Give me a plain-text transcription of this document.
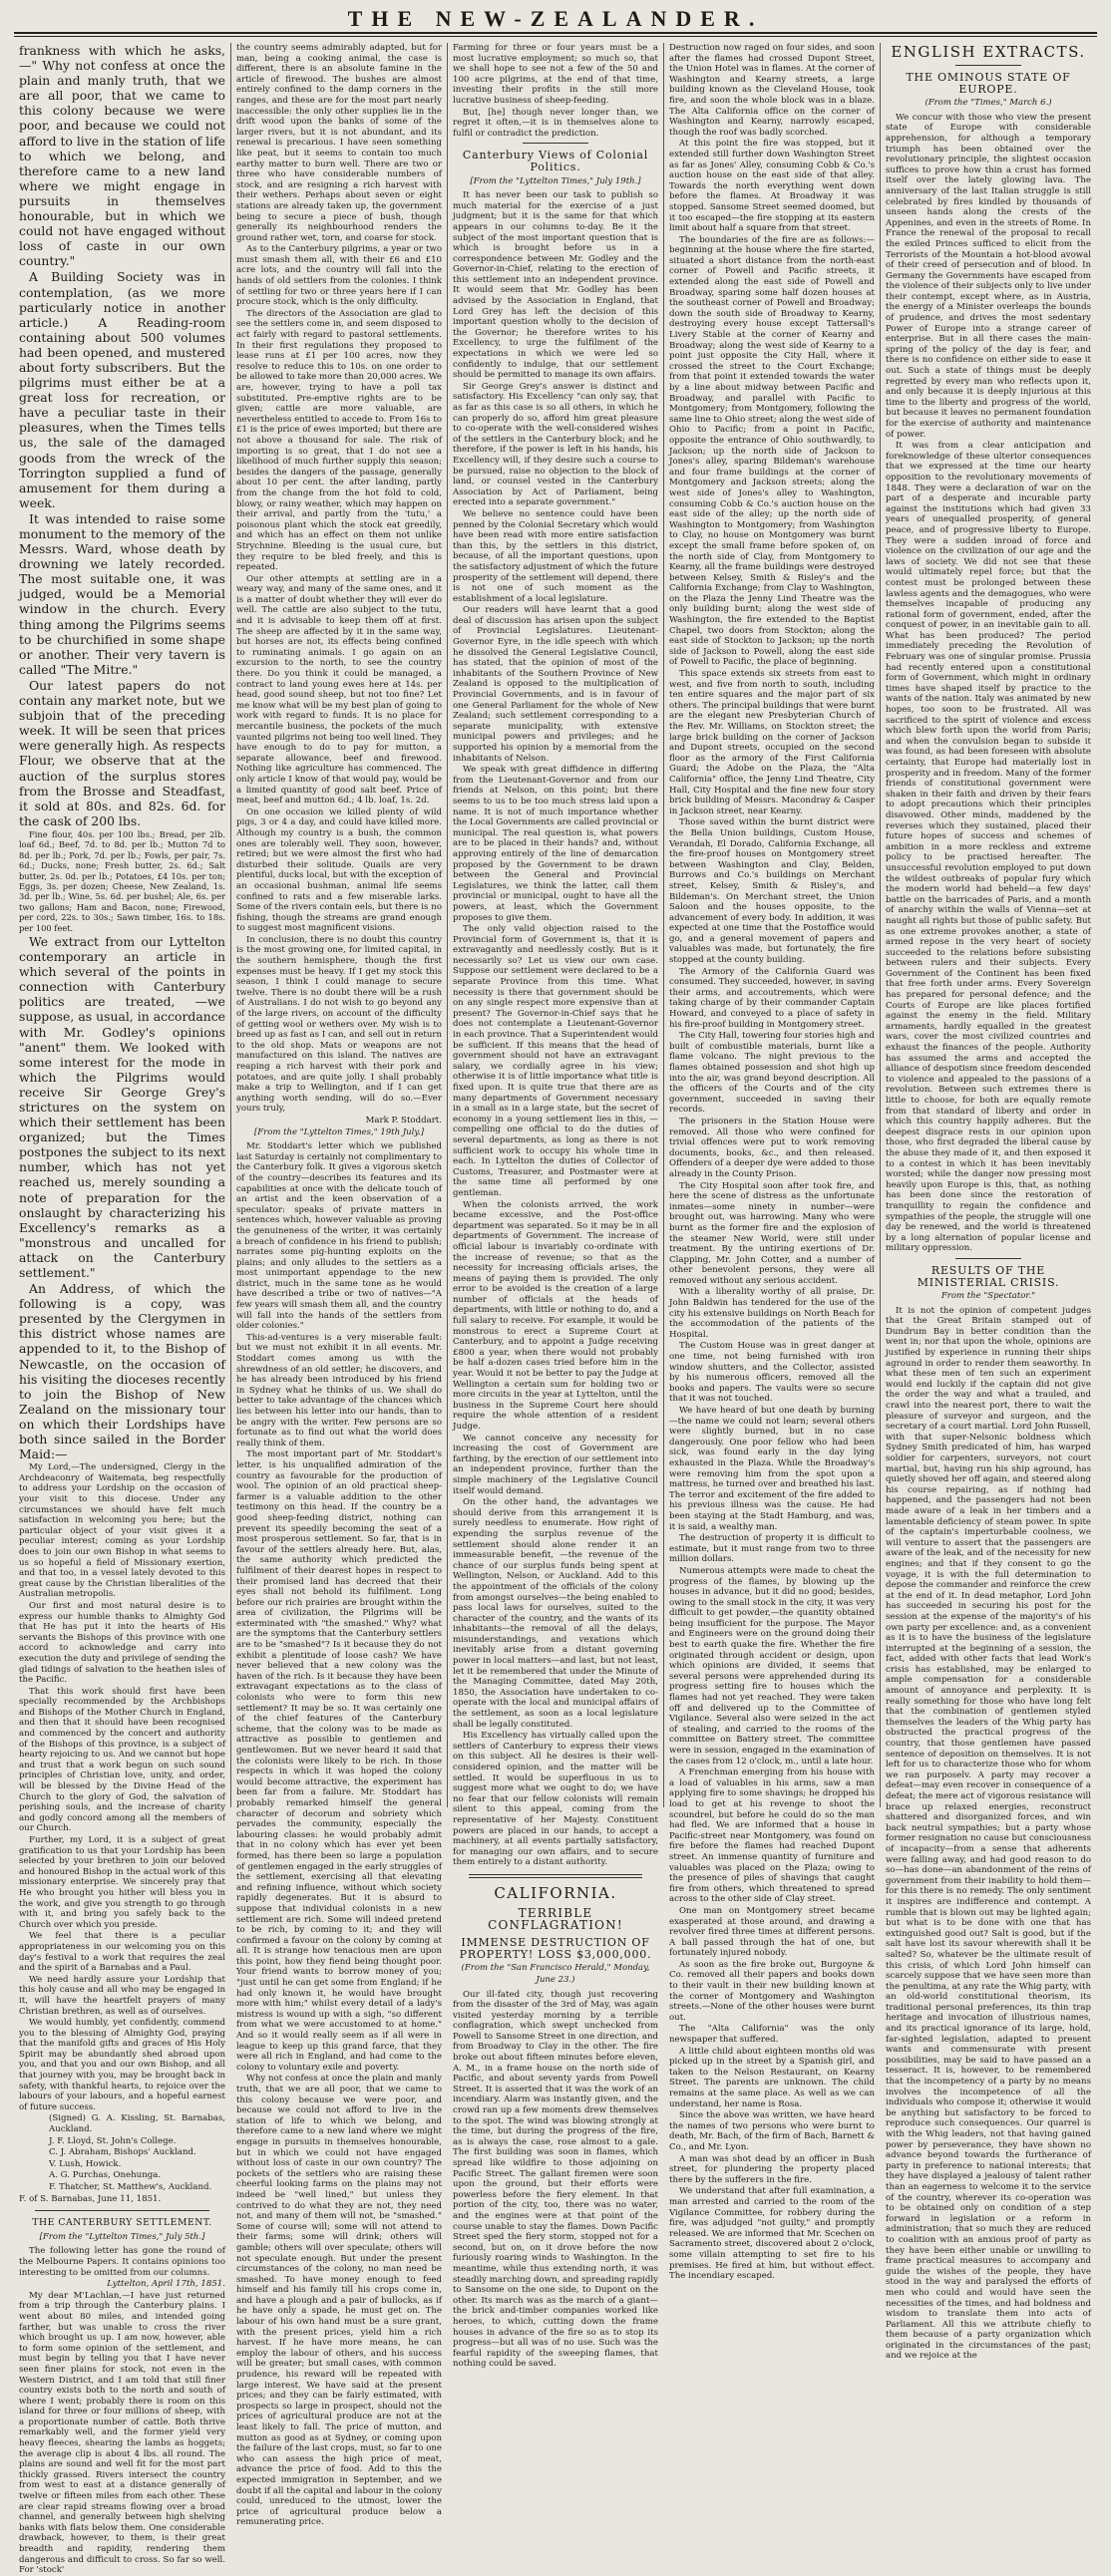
THE NEW-ZEALANDER.

frankness with which he asks,—" Why not confess at once the plain and manly truth, that we are all poor, that we came to this colony because we were poor, and because we could not afford to live in the station of life to which we belong, and therefore came to a new land where we might engage in pursuits in themselves honourable, but in which we could not have engaged without loss of caste in our own country."

A Building Society was in contemplation, (as we more particularly notice in another article.) A Reading-room containing about 500 volumes had been opened, and mustered about forty subscribers. But the pilgrims must either be at a great loss for recreation, or have a peculiar taste in their pleasures, when the Times tells us, the sale of the damaged goods from the wreck of the Torrington supplied a fund of amusement for them during a week.

It was intended to raise some monument to the memory of the Messrs. Ward, whose death by drowning we lately recorded. The most suitable one, it was judged, would be a Memorial window in the church. Every thing among the Pilgrims seems to be churchified in some shape or another. Their very tavern is called "The Mitre."

Our latest papers do not contain any market note, but we subjoin that of the preceding week. It will be seen that prices were generally high. As respects Flour, we observe that at the auction of the surplus stores from the Brosse and Steadfast, it sold at 80s. and 82s. 6d. for the cask of 200 lbs.

Fine flour, 40s. per 100 lbs.; Bread, per 2lb. loaf 6d.; Beef, 7d. to 8d. per lb.; Mutton 7d to 8d. per lb.; Pork, 7d. per lb.; Fowls, per pair, 7s. 6d.; Ducks, none; Fresh butter, 2s. 6d.; Salt butter, 2s. 0d. per lb.; Potatoes, £4 10s. per ton; Eggs, 3s. per dozen; Cheese, New Zealand, 1s. 3d. per lb.; Wine, 5s. 6d. per bushel; Ale, 6s. per two gallons; Ham and Bacon, none; Firewood, per cord, 22s. to 30s.; Sawn timber, 16s. to 18s. per 100 feet.

We extract from our Lyttelton contemporary an article in which several of the points in connection with Canterbury politics are treated, —we suppose, as usual, in accordance with Mr. Godley's opinions "anent" them. We looked with some interest for the mode in which the Pilgrims would receive Sir George Grey's strictures on the system on which their settlement has been organized; but the Times postpones the subject to its next number, which has not yet reached us, merely sounding a note of preparation for the onslaught by characterizing his Excellency's remarks as a "monstrous and uncalled for attack on the Canterbury settlement."

An Address, of which the following is a copy, was presented by the Clergymen in this district whose names are appended to it, to the Bishop of Newcastle, on the occasion of his visiting the dioceses recently to join the Bishop of New Zealand on the missionary tour on which their Lordships have both since sailed in the Border Maid:—

My Lord,—The undersigned, Clergy in the Archdeaconry of Waitemata, beg respectfully to address your Lordship on the occasion of your visit to this diocese. Under any circumstances we should have felt much satisfaction in welcoming you here; but the particular object of your visit gives it a peculiar interest; coming as your Lordship does to join our own Bishop in what seems to us so hopeful a field of Missionary exertion, and that too, in a vessel lately devoted to this great cause by the Christian liberalities of the Australian metropolis.

Our first and most natural desire is to express our humble thanks to Almighty God that He has put it into the hearts of His servants the Bishops of this province with one accord to acknowledge and carry into execution the duty and privilege of sending the glad tidings of salvation to the heathen isles of the Pacific.

That this work should first have been specially recommended by the Archbishops and Bishops of the Mother Church in England, and then that it should have been recognised and commenced by the concert and authority of the Bishops of this province, is a subject of hearty rejoicing to us. And we cannot but hope and trust that a work begun on such sound principles of Christian love, unity, and order, will be blessed by the Divine Head of the Church to the glory of God, the salvation of perishing souls, and the increase of charity and godly concord among all the members of our Church.

Further, my Lord, it is a subject of great gratification to us that your Lordship has been selected by your brethren to join our beloved and honoured Bishop in the actual work of this missionary enterprise. We sincerely pray that He who brought you hither will bless you in the work, and give you strength to go through with it, and bring you safely back to the Church over which you preside.

We feel that there is a peculiar appropriateness in our welcoming you on this day's festival to a work that requires the zeal and the spirit of a Barnabas and a Paul.

We need hardly assure your Lordship that this holy cause and all who may be engaged in it, will have the heartfelt prayers of many Christian brethren, as well as of ourselves.

We would humbly, yet confidently, commend you to the blessing of Almighty God, praying that the manifold gifts and graces of His Holy Spirit may be abundantly shed abroad upon you, and that you and our own Bishop, and all that journey with you, may be brought back in safety, with thankful hearts, to rejoice over the labours of your labours, and a hopeful earnest of future success.

(Signed) G. A. Kissling, St. Barnabas, Auckland.

J. F. Lloyd, St. John's College.

C. J. Abraham, Bishops' Auckland.

V. Lush, Howick.

A. G. Purchas, Onehunga.

F. Thatcher, St. Matthew's, Auckland.

F. of S. Barnabas, June 11, 1851.

THE CANTERBURY SETTLEMENT.
[From the "Lyttelton Times," July 5th.]

The following letter has gone the round of the Melbourne Papers. It contains opinions too interesting to be omitted from our columns.

Lyttelton, April 17th, 1851.

My dear M'Lachlan,—I have just returned from a trip through the Canterbury plains. I went about 80 miles, and intended going farther, but was unable to cross the river which brought us up. I am now, however, able to form some opinion of the settlement, and must begin by telling you that I have never seen finer plains for stock, not even in the Western District, and I am told that still finer country exists both to the north and south of where I went; probably there is room on this island for three or four millions of sheep, with a proportionate number of cattle. Both thrive remarkably well, and the former yield very heavy fleeces, shearing the lambs as hoggets; the average clip is about 4 lbs. all round. The plains are sound and well fit for the most part thickly grassed. Rivers intersect the country from west to east at a distance generally of twelve or fifteen miles from each other. These are clear rapid streams flowing over a broad channel, and generally between high shelving banks with flats below them. One considerable drawback, however, to them, is their great breadth and rapidity, rendering them dangerous and difficult to cross. So far so well. For 'stock'

the country seems admirably adapted, but for man, being a cooking animal, the case is different, there is an absolute famine in the article of firewood. The bushes are almost entirely confined to the damp corners in the ranges, and these are for the most part nearly inaccessible: the only other supplies lie in the drift wood upon the banks of some of the larger rivers, but it is not abundant, and its renewal is precarious. I have seen something like peat, but it seems to contain too much earthy matter to burn well. There are two or three who have considerable numbers of stock, and are resigning a rich harvest with their wethers. Perhaps about seven or eight stations are already taken up, the government being to secure a piece of bush, though generally its neighbourhood renders the ground rather wet, torn, and coarse for stock.

As to the Canterbury pilgrims, a year or two must smash them all, with their £6 and £10 acre lots, and the country will fall into the hands of old settlers from the colonies. I think of settling for two or three years here if I can procure stock, which is the only difficulty.

The directors of the Association are glad to see the settlers come in, and seem disposed to act fairly with regard to pastoral settlements. In their first regulations they proposed to lease runs at £1 per 100 acres, now they resolve to reduce this to 10s. on one order to be allowed to take more than 20,000 acres. We are, however, trying to have a poll tax substituted. Pre-emptive rights are to be given; cattle are more valuable, are nevertheless entitled to accede to. From 16s to £1 is the price of ewes imported; but there are not above a thousand for sale. The risk of importing is so great, that I do not see a likelihood of much further supply this season; besides the dangers of the passage, generally about 10 per cent. the after landing, partly from the change from the hot fold to cold, blowy, or rainy weather, which may happen on their arrival, and partly from the 'tutu,' a poisonous plant which the stock eat greedily, and which has an effect on them not unlike Strychnine. Bleeding is the usual cure, but they require to be bled freely, and this is repeated.

Our other attempts at settling are in a weary way, and many of the same ones, and it is a matter of doubt whether they will ever do well. The cattle are also subject to the tutu, and it is advisable to keep them off at first. The sheep are affected by it in the same way, but horses are not, its effects being confined to ruminating animals. I go again on an excursion to the north, to see the country there. Do you think it could be managed, a contract to land young ewes here at 14s. per head, good sound sheep, but not too fine? Let me know what will be my best plan of going to work with regard to funds. It is no place for mercantile business, the pockets of the much vaunted pilgrims not being too well lined. They have enough to do to pay for mutton, a separate allowance, beef and firewood. Nothing like agriculture has commenced. The only article I know of that would pay, would be a limited quantity of good salt beef. Price of meat, beef and mutton 6d.; 4 lb. loaf, 1s. 2d.

On one occasion we killed plenty of wild pigs, 3 or 4 a day, and could have killed more. Although my country is a bush, the common ones are tolerably well. They soon, however, retired; but we were almost the first who had disturbed their solitude. Quails are very plentiful, ducks local, but with the exception of an occasional bushman, animal life seems confined to rats and a few miserable larks. Some of the rivers contain eels, but there is no fishing, though the streams are grand enough to suggest most magnificent visions.

In conclusion, there is no doubt this country is the most growing one, for limited capital, in the southern hemisphere, though the first expenses must be heavy. If I get my stock this season, I think I could manage to secure twelve. There is no doubt there will be a rush of Australians. I do not wish to go beyond any of the large rivers, on account of the difficulty of getting wool or wethers over. My wish is to breed up as fast as I can, and sell out in return to the old shop. Mats or weapons are not manufactured on this island. The natives are reaping a rich harvest with their pork and potatoes, and are quite jolly. I shall probably make a trip to Wellington, and if I can get anything worth sending, will do so.—Ever yours truly,

Mark P. Stoddart.

[From the "Lyttelton Times," 19th July.]

Mr. Stoddart's letter which we published last Saturday is certainly not complimentary to the Canterbury folk. It gives a vigorous sketch of the country—describes its features and its capabilities at once with the delicate touch of an artist and the keen observation of a speculator: speaks of private matters in sentences which, however valuable as proving the genuineness of the writer, it was certainly a breach of confidence in his friend to publish; narrates some pig-hunting exploits on the plains; and only alludes to the settlers as a most unimportant appendage to the new district, much in the same tone as he would have described a tribe or two of natives—"A few years will smash them all, and the country will fall into the hands of the settlers from older colonies."

This-ad-ventures is a very miserable fault: but we must not exhibit it in all events. Mr. Stoddart comes among us with the shrewdness of an old settler; he discovers, and he has already been introduced by his friend in Sydney what he thinks of us. We shall do better to take advantage of the chances which lies between his letter into our hands, than to be angry with the writer. Few persons are so fortunate as to find out what the world does really think of them.

The most important part of Mr. Stoddart's letter, is his unqualified admiration of the country as favourable for the production of wool. The opinion of an old practical sheep-farmer is a valuable addition to the other testimony on this head. If the country be a good sheep-feeding district, nothing can prevent its speedily becoming the seat of a most prosperous settlement. So far, that is in favour of the settlers already here. But, alas, the same authority which predicted the fulfilment of their dearest hopes in respect to their promised land has decreed that their eyes shall not behold its fulfilment. Long before our rich prairies are brought within the area of civilization, the Pilgrims will be exterminated with "the smashed." Why? what are the symptoms that the Canterbury settlers are to be "smashed"? Is it because they do not exhibit a plentitude of loose cash? We have never believed that a new colony was the haven of the rich. Is it because they have been extravagant expectations as to the class of colonists who were to form this new settlement? It may be so. It was certainly one of the chief features of the Canterbury scheme, that the colony was to be made as attractive as possible to gentlemen and gentlewomen. But we never heard it said that the colonists were likely to be rich. In those respects in which it was hoped the colony would become attractive, the experiment has been far from a failure. Mr. Stoddart has probably remarked himself the general character of decorum and sobriety which pervades the community, especially the labouring classes: he would probably admit that in no colony which has ever yet been formed, has there been so large a population of gentlemen engaged in the early struggles of the settlement, exercising all that elevating and refining influence, without which society rapidly degenerates. But it is absurd to suppose that individual colonists in a new settlement are rich. Some will indeed pretend to be rich, by coming to it; and they will confirmed a favour on the colony by coming at all. It is strange how tenacious men are upon this point, how they fiend being thought poor. Your friend wants to borrow money of you; "just until he can get some from England; if he had only known it, he would have brought more with him;" whilst every detail of a lady's mistress is wound up with a sigh, "so different from what we were accustomed to at home." And so it would really seem as if all were in league to keep up this grand farce, that they were all rich in England, and had come to the colony to voluntary exile and poverty.

Why not confess at once the plain and manly truth, that we are all poor, that we came to this colony because we were poor, and because we could not afford to live in the station of life to which we belong, and therefore came to a new land where we might engage in pursuits in themselves honourable, but in which we could not have engaged without loss of caste in our own country? The pockets of the settlers who are raising these cheerful looking farms on the plains may not indeed be "well lined," but unless they contrived to do what they are not, they need not, and many of them will not, be "smashed." Some of course will; some will not attend to their farms; some will drink; others will gamble; others will over speculate; others will not speculate enough. But under the present circumstances of the colony, no man need be smashed. To have money enough to feed himself and his family till his crops come in, and have a plough and a pair of bullocks, as if he have only a spade, he must get on. The labour of his own hand must be a sure grant, with the present prices, yield him a rich harvest. If he have more means, he can employ the labour of others, and his success will be greater; but small cases, with common prudence, his reward will be repeated with large interest. We have said at the present prices; and they can be fairly estimated, with prospects so large in prospect, should not the prices of agricultural produce are not at the least likely to fall. The price of mutton, and mutton as good as at Sydney, or coming upon the failure of the last crops, must, so far to one who can assess the high price of meat, advance the price of food. Add to this the expected immigration in September, and we doubt if all the capital and labour in the colony could, unreduced to the utmost, lower the price of agricultural produce below a remunerating price.

Farming for three or four years must be a most lucrative employment; so much so, that we shall hope to see not a few of the 50 and 100 acre pilgrims, at the end of that time, investing their profits in the still more lucrative business of sheep-feeding.

But, [he] though never longer than, we regret it often,—it is in themselves alone to fulfil or contradict the prediction.

Canterbury Views of Colonial Politics.
[From the "Lyttelton Times," July 19th.]

It has never been our task to publish so much material for the exercise of a just judgment; but it is the same for that which appears in our columns to-day. Be it the subject of the most important question that is which is brought before us in a correspondence between Mr. Godley and the Governor-in-Chief, relating to the erection of this settlement into an independent province. It would seem that Mr. Godley has been advised by the Association in England, that Lord Grey has left the decision of this important question wholly to the decision of the Governor; he therefore writes to his Excellency, to urge the fulfilment of the expectations in which we were led so confidently to indulge, that our settlement should be permitted to manage its own affairs.

Sir George Grey's answer is distinct and satisfactory. His Excellency "can only say, that as far as this case is so all others, in which he can properly do so, afford him great pleasure to co-operate with the well-considered wishes of the settlers in the Canterbury block; and he therefore, if the power is left in his hands, his Excellency will, if they desire such a course to be pursued, raise no objection to the block of land, or counsel vested in the Canterbury Association by Act of Parliament, being erected into a separate government."

We believe no sentence could have been penned by the Colonial Secretary which would have been read with more entire satisfaction than this, by the settlers in this district, because, of all the important questions, upon the satisfactory adjustment of which the future prosperity of the settlement will depend, there is not one of such moment as the establishment of a local legislature.

Our readers will have learnt that a good deal of discussion has arisen upon the subject of Provincial Legislatures. Lieutenant-Governor Eyre, in the idle speech with which he dissolved the General Legislative Council, has stated, that the opinion of most of the inhabitants of the Southern Province of New Zealand is opposed to the multiplication of Provincial Governments, and is in favour of one General Parliament for the whole of New Zealand; such settlement corresponding to a separate municipality, with extensive municipal powers and privileges; and he supported his opinion by a memorial from the inhabitants of Nelson.

We speak with great diffidence in differing from the Lieutenant-Governor and from our friends at Nelson, on this point; but there seems to us to be too much stress laid upon a name. It is not of much importance whether the Local Governments are called provincial or municipal. The real question is, what powers are to be placed in their hands? and, without approving entirely of the line of demarcation proposed by the Government to be drawn between the General and Provincial Legislatures, we think the latter, call them provincial or municipal, ought to have all the powers, at least, which the Government proposes to give them.

The only valid objection raised to the Provincial form of Government is, that it is extravagantly and needlessly costly. But is it necessarily so? Let us view our own case. Suppose our settlement were declared to be a separate Province from this time. What necessity is there that government should be on any single respect more expensive than at present? The Governor-in-Chief says that he does not contemplate a Lieutenant-Governor in each province. That a Superintendent would be sufficient. If this means that the head of government should not have an extravagant salary, we cordially agree in his view; otherwise it is of little importance what title is fixed upon. It is quite true that there are as many departments of Government necessary in a small as in a large state, but the secret of economy in a young settlement lies in this, —compelling one official to do the duties of several departments, as long as there is not sufficient work to occupy his whole time in each. In Lyttelton the duties of Collector of Customs, Treasurer, and Postmaster were at the same time all performed by one gentleman.

When the colonists arrived, the work became excessive, and the Post-office department was separated. So it may be in all departments of Government. The increase of official labour is invariably co-ordinate with the increase of revenue; so that as the necessity for increasing officials arises, the means of paying them is provided. The only error to be avoided is the creation of a large number of officials at the heads of departments, with little or nothing to do, and a full salary to receive. For example, it would be monstrous to erect a Supreme Court at Canterbury, and to appoint a Judge receiving £800 a year, when there would not probably be half a-dozen cases tried before him in the year. Would it not be better to pay the Judge at Wellington a certain sum for holding two or more circuits in the year at Lyttelton, until the business in the Supreme Court here should require the whole attention of a resident Judge.

We cannot conceive any necessity for increasing the cost of Government are farthing, by the erection of our settlement into an independent province, further than the simple machinery of the Legislative Council itself would demand.

On the other hand, the advantages we should derive from this arrangement it is surely needless to enumerate. How right of expending the surplus revenue of the settlement should alone render it an immeasurable benefit, —the revenue of the chance of our surplus funds being spent at Wellington, Nelson, or Auckland. Add to this the appointment of the officials of the colony from amongst ourselves—the being enabled to pass local laws for ourselves, suited to the character of the country, and the wants of its inhabitants—the removal of all the delays, misunderstandings, and vexations which inevitably arise from a distant governing power in local matters—and last, but not least, let it be remembered that under the Minute of the Managing Committee, dated May 20th, 1850, the Association have undertaken to co-operate with the local and municipal affairs of the settlement, as soon as a local legislature shall be legally constituted.

His Excellency has virtually called upon the settlers of Canterbury to express their views on this subject. All he desires is their well-considered opinion, and the matter will be settled. It would be superfluous in us to suggest more what we ought to do; we have no fear that our fellow colonists will remain silent to this appeal, coming from the representative of her Majesty. Constituent powers are placed in our hands, to accept a machinery, at all events partially satisfactory, for managing our own affairs, and to secure them entirely to a distant authority.

CALIFORNIA.
TERRIBLE CONFLAGRATION!
IMMENSE DESTRUCTION OF PROPERTY! LOSS $3,000,000.
(From the "San Francisco Herald," Monday, June 23.)

Our ill-fated city, though just recovering from the disaster of the 3rd of May, was again visited yesterday morning by a terrible conflagration, which swept unchecked from Powell to Sansome Street in one direction, and from Broadway to Clay in the other. The fire broke out about fifteen minutes before eleven, A. M., in a frame house on the north side of Pacific, and about seventy yards from Powell Street. It is asserted that it was the work of an incendiary. Alarm was instantly given, and the crowd ran up a few moments drew themselves to the spot. The wind was blowing strongly at the time, but during the progress of the fire, as is always the case, rose almost to a gale. The first building was soon in flames, which spread like wildfire to those adjoining on Pacific Street. The gallant firemen were soon upon the ground, but their efforts were powerless before the fiery element. In that portion of the city, too, there was no water, and the engines were at that point of the course unable to stay the flames. Down Pacific Street sped the fiery storm, stopped not for a second, but on, on it drove before the now furiously roaring winds to Washington. In the meantime, while thus extending north, it was steadily marching down, and spreading rapidly to Sansome on the one side, to Dupont on the other. Its march was as the march of a giant—the brick and-timber companies worked like heroes, to which, cutting down the frame houses in advance of the fire so as to stop its progress—but all was of no use. Such was the fearful rapidity of the sweeping flames, that nothing could be saved.

Destruction now raged on four sides, and soon after the flames had crossed Dupont Street, the Union Hotel was in flames. At the corner of Washington and Kearny streets, a large building known as the Cleveland House, took fire, and soon the whole block was in a blaze. The Alta California office on the corner of Washington and Kearny, narrowly escaped, though the roof was badly scorched.

At this point the fire was stopped, but it extended still further down Washington Street as far as Jones' Alley, consuming Cobb & Co.'s auction house on the east side of that alley. Towards the north everything went down before the flames. At Broadway it was stopped. Sansome Street seemed doomed, but it too escaped—the fire stopping at its eastern limit about half a square from that street.

The boundaries of the fire are as follows:—beginning at the house where the fire started, situated a short distance from the north-east corner of Powell and Pacific streets, it extended along the east side of Powell and Broadway, sparing some half dozen houses at the southeast corner of Powell and Broadway; down the south side of Broadway to Kearny, destroying every house except Tattersall's Livery Stable at the corner of Kearny and Broadway; along the west side of Kearny to a point just opposite the City Hall, where it crossed the street to the Court Exchange; from that point it extended towards the water by a line about midway between Pacific and Broadway, and parallel with Pacific to Montgomery; from Montgomery, following the same line to Ohio street; along the west side of Ohio to Pacific; from a point in Pacific, opposite the entrance of Ohio southwardly, to Jackson; up the north side of Jackson to Jones's alley, sparing Bildeman's warehouse and four frame buildings at the corner of Montgomery and Jackson streets; along the west side of Jones's alley to Washington, consuming Cobb & Co.'s auction house on the east side of the alley; up the north side of Washington to Montgomery; from Washington to Clay, no house on Montgomery was burnt except the small frame before spoken of, on the north side of Clay, from Montgomery to Kearny, all the frame buildings were destroyed between Kelsey, Smith & Risley's and the California Exchange; from Clay to Washington, on the Plaza the Jenny Lind Theatre was the only building burnt; along the west side of Washington, the fire extended to the Baptist Chapel, two doors from Stockton; along the east side of Stockton to Jackson; up the north side of Jackson to Powell, along the east side of Powell to Pacific, the place of beginning.

This space extends six streets from east to west, and five from north to south, including ten entire squares and the major part of six others. The principal buildings that were burnt are the elegant new Presbyterian Church of the Rev. Mr. Williams, on Stockton street; the large brick building on the corner of Jackson and Dupont streets, occupied on the second floor as the armory of the First California Guard; the Adobe on the Plaza, the "Alta California" office, the Jenny Lind Theatre, City Hall, City Hospital and the fine new four story brick building of Messrs. Macondray & Casper in Jackson street, near Kearny.

Those saved within the burnt district were the Bella Union buildings, Custom House, Verandah, El Dorado, California Exchange, all the fire-proof houses on Montgomery street between Washington and Clay, Belden, Burrows and Co.'s buildings on Merchant street, Kelsey, Smith & Risley's, and Bildeman's. On Merchant street, the Union Saloon and the houses opposite, to the advancement of every body. In addition, it was expected at one time that the Postoffice would go, and a general movement of papers and valuables was made, but fortunately, the fire stopped at the county building.

The Armory of the California Guard was consumed. They succeeded, however, in saving their arms, and accoutrements, which were taking charge of by their commander Captain Howard, and conveyed to a place of safety in his fire-proof building in Montgomery street.

The City Hall, towering four stories high and built of combustible materials, burnt like a flame volcano. The night previous to the flames obtained possession and shot high up into the air, was grand beyond description. All the officers of the Courts and of the city government, succeeded in saving their records.

The prisoners in the Station House were removed. All those who were confined for trivial offences were put to work removing documents, books, &c., and then released. Offenders of a deeper dye were added to those already in the County Prison.

The City Hospital soon after took fire, and here the scene of distress as the unfortunate inmates—some ninety in number—were brought out, was harrowing. Many who were burnt as the former fire and the explosion of the steamer New World, were still under treatment. By the untiring exertions of Dr. Clapping, Mr. John Cotter, and a number of other benevolent persons, they were all removed without any serious accident.

With a liberality worthy of all praise, Dr. John Baldwin has tendered for the use of the city his extensive buildings on North Beach for the accommodation of the patients of the Hospital.

The Custom House was in great danger at one time, not being furnished with iron window shutters, and the Collector, assisted by his numerous officers, removed all the books and papers. The vaults were so secure that it was not touched.

We have heard of but one death by burning—the name we could not learn; several others were slightly burned, but in no case dangerously. One poor fellow who had been sick, was found early in the day lying exhausted in the Plaza. While the Broadway's were removing him from the spot upon a mattress, he turned over and breathed his last. The terror and excitement of the fire added to his previous illness was the cause. He had been staying at the Stadt Hamburg, and was, it is said, a wealthy man.

The destruction of property it is difficult to estimate, but it must range from two to three million dollars.

Numerous attempts were made to cheat the progress of the flames, by blowing up the houses in advance, but it did no good; besides, owing to the small stock in the city, it was very difficult to get powder,—the quantity obtained being insufficient for the purpose. The Mayor and Engineers were on the ground doing their best to earth quake the fire. Whether the fire originated through accident or design, upon which opinions are divided, it seems that several persons were apprehended during its progress setting fire to houses which the flames had not yet reached. They were taken off and delivered up to the Committee of Vigilance. Several also were seized in the act of stealing, and carried to the rooms of the committee on Battery street. The committee were in session, engaged in the examination of the cases from 12 o'clock, m., until a late hour.

A Frenchman emerging from his house with a load of valuables in his arms, saw a man applying fire to some shavings; he dropped his load to get at his revenge to shoot the scoundrel, but before he could do so the man had fled. We are informed that a house in Pacific-street near Montgomery, was found on fire before the flames had reached Dupont street. An immense quantity of furniture and valuables was placed on the Plaza; owing to the presence of piles of shavings that caught fire from others, which threatened to spread across to the other side of Clay street.

One man on Montgomery street became exasperated at those around, and drawing a revolver fired three times at different persons. A ball passed through the hat of one, but fortunately injured nobody.

As soon as the fire broke out, Burgoyne & Co. removed all their papers and books down to their vault in their new building known at the corner of Montgomery and Washington streets.—None of the other houses were burnt out.

The "Alta California" was the only newspaper that suffered.

A little child about eighteen months old was picked up in the street by a Spanish girl, and taken to the Nelson Restaurant, on Kearny Street. The parents are unknown. The child remains at the same place. As well as we can understand, her name is Rosa.

Since the above was written, we have heard the names of two persons who were burnt to death, Mr. Bach, of the firm of Bach, Barnett & Co., and Mr. Lyon.

A man was shot dead by an officer in Bush street, for plundering the property placed there by the sufferers in the fire.

We understand that after full examination, a man arrested and carried to the room of the Vigilance Committee, for robbery during the fire, was adjudged "not guilty," and promptly released. We are informed that Mr. Scechen on Sacramento street, discovered about 2 o'clock, some villain attempting to set fire to his premises. He fired at him, but without effect. The incendiary escaped.

ENGLISH EXTRACTS.
THE OMINOUS STATE OF EUROPE.
(From the "Times," March 6.)

We concur with those who view the present state of Europe with considerable apprehension, for although a temporary triumph has been obtained over the revolutionary principle, the slightest occasion suffices to prove how thin a crust has formed itself over the lately glowing lava. The anniversary of the last Italian struggle is still celebrated by fires kindled by thousands of unseen hands along the crests of the Appenines, and even in the streets of Rome. In France the renewal of the proposal to recall the exiled Princes sufficed to elicit from the Terrorists of the Mountain a hot-blood avowal of their creed of persecution and of blood. In Germany the Governments have escaped from the violence of their subjects only to live under their contempt, except where, as in Austria, the energy of a Minister overleaps the bounds of prudence, and drives the most sedentary Power of Europe into a strange career of enterprise. But in all there cases the main-spring of the policy of the day is fear, and there is no confidence on either side to ease it out. Such a state of things must be deeply regretted by every man who reflects upon it, and only because it is deeply injurious at this time to the liberty and progress of the world, but because it leaves no permanent foundation for the exercise of authority and maintenance of power.

It was from a clear anticipation and foreknowledge of these ulterior consequences that we expressed at the time our hearty opposition to the revolutionary movements of 1848. They were a declaration of war on the part of a desperate and incurable party against the institutions which had given 33 years of unequalled prosperity, of general peace, and of progressive liberty to Europe. They were a sudden inroad of force and violence on the civilization of our age and the laws of society. We did not see that these would ultimately repel force; but that the contest must be prolonged between these lawless agents and the demagogues, who were themselves incapable of producing any rational form of government, ended, after the conquest of power, in an inevitable gain to all. What has been produced? The period immediately preceding the Revolution of February was one of singular promise. Prussia had recently entered upon a constitutional form of Government, which might in ordinary times have shaped itself by practice to the wants of the nation. Italy was animated by new hopes, too soon to be frustrated. All was sacrificed to the spirit of violence and excess which blew forth upon the world from Paris; and when the convulsion began to subside it was found, as had been foreseen with absolute certainty, that Europe had materially lost in prosperity and in freedom. Many of the former friends of constitutional government were shaken in their faith and driven by their fears to adopt precautions which their principles disavowed. Other minds, maddened by the reverses which they sustained, placed their future hopes of success and schemes of ambition in a more reckless and extreme policy to be practised hereafter. The unsuccessful revolution employed to put down the wildest outbreaks of popular fury which the modern world had beheld—a few days' battle on the barricades of Paris, and a month of anarchy within the walls of Vienna—set at naught all rights but those of public safety. But as one extreme provokes another, a state of armed repose in the very heart of society succeeded to the relations before subsisting between rulers and their subjects. Every Government of the Continent has been fixed that free forth under arms. Every Sovereign has prepared for personal defence; and the Courts of Europe are like places fortified against the enemy in the field. Military armaments, hardly equalled in the greatest wars, cover the most civilized countries and exhaust the finances of the people. Authority has assumed the arms and accepted the alliance of despotism since freedom descended to violence and appealed to the passions of a revolution. Between such extremes there is little to choose, for both are equally remote from that standard of liberty and order in which this country happily adheres. But the deepest disgrace rests in our opinion upon those, who first degraded the liberal cause by the abuse they made of it, and then exposed it to a contest in which it has been inevitably worsted; while the danger now pressing most heavily upon Europe is this, that, as nothing has been done since the restoration of tranquillity to regain the confidence and sympathies of the people, the struggle will one day be renewed, and the world is threatened by a long alternation of popular license and military oppression.

RESULTS OF THE MINISTERIAL CRISIS.
From the "Spectator."

It is not the opinion of competent judges that the Great Britain stamped out of Dundrum Bay in better condition than the went in; nor that upon the whole, opinions are justified by experience in running their ships aground in order to render them seaworthy. In what these men of ten such an experiment would end luckily if the captain did not give the order the way and what a trauled, and crawl into the nearest port, there to wait the pleasure of surveyor and surgeon, and the secretary of a court martial. Lord John Russell, with that super-Nelsonic boldness which Sydney Smith predicated of him, has warped soldier for carpenters, surveyors, not court martial, but, having run his ship aground, has quietly shoved her off again, and steered along his course repairing, as if nothing had happened, and the passengers had not been made aware of a leak in her timbers and a lamentable deficiency of steam power. In spite of the captain's imperturbable coolness, we will venture to assert that the passengers are aware of the leak, and of the necessity for new engines; and that if they consent to go the voyage, it is with the full determination to depose the commander and reinforce the crew at the end of it. In dead metaphor, Lord John has succeeded in securing his post for the session at the expense of the majority's of his own party per excellence: and, as a convenient as it is to have the business of the legislature interrupted at the beginning of a session, the fact, added with other facts that lead Work's crisis has established, may be enlarged to ample compensation for a considerable amount of annoyance and perplexity. It is really something for those who have long felt that the combination of gentlemen styled themselves the leaders of the Whig party has obstructed the practical progress of the country, that those gentlemen have passed sentence of deposition on themselves. It is not left for us to characterize those who for whom we ran purposelv. A party may recover a defeat—may even recover in consequence of a defeat; the mere act of vigorous resistance will brace up relaxed energies, reconstruct shattered and disorganized forces, and win back neutral sympathies; but a party whose former resignation no cause but consciousness of incapacity—from a sense that adherents were falling away, and had good reason to do so—has done—an abandonment of the reins of government from their inability to hold them—for this there is no remedy. The only sentiment it inspires are indifference and contempt. A rumble that is blown out may be lighted again; but what is to be done with one that has extinguished good out? Salt is good, but if the salt have lost its savour wherewith shall it be salted? So, whatever be the ultimate result of this crisis, of which Lord John himself can scarcely suppose that we have seen more than the penultima, at any rate the Whig party, with an old-world constitutional theorism, its traditional personal preferences, its thin trap heritage and invocation of illustrious names, and its practical ignorance of its large, hold, far-sighted legislation, adapted to present wants and commensurate with present possibilities, may be said to have passed an a tesseract. It is, however, to be remembered that the incompetency of a party by no means involves the incompetence of all the individuals who compose it; otherwise it would be anything but satisfactory to be forced to reproduce such consequences. Our quarrel is with the Whig leaders, not that having gained power by perseverance, they have shown no advance beyond towards the furtherance of party in preference to national interests; that they have displayed a jealousy of talent rather than an eagerness to welcome it to the service of the country, wherever its co-operation was to be obtained only on condition of a step forward in legislation or a reform in administration; that so much they are reduced to coalition with an anxious proof of party as they have been either unable or unwilling to frame practical measures to accompany and guide the wishes of the people, they have stood in the way and paralysed the efforts of men who could and would have seen the necessities of the times, and had boldness and wisdom to translate them into acts of Parliament. All this we attribute chiefly to them because of a party organization which originated in the circumstances of the past; and we rejoice at the
